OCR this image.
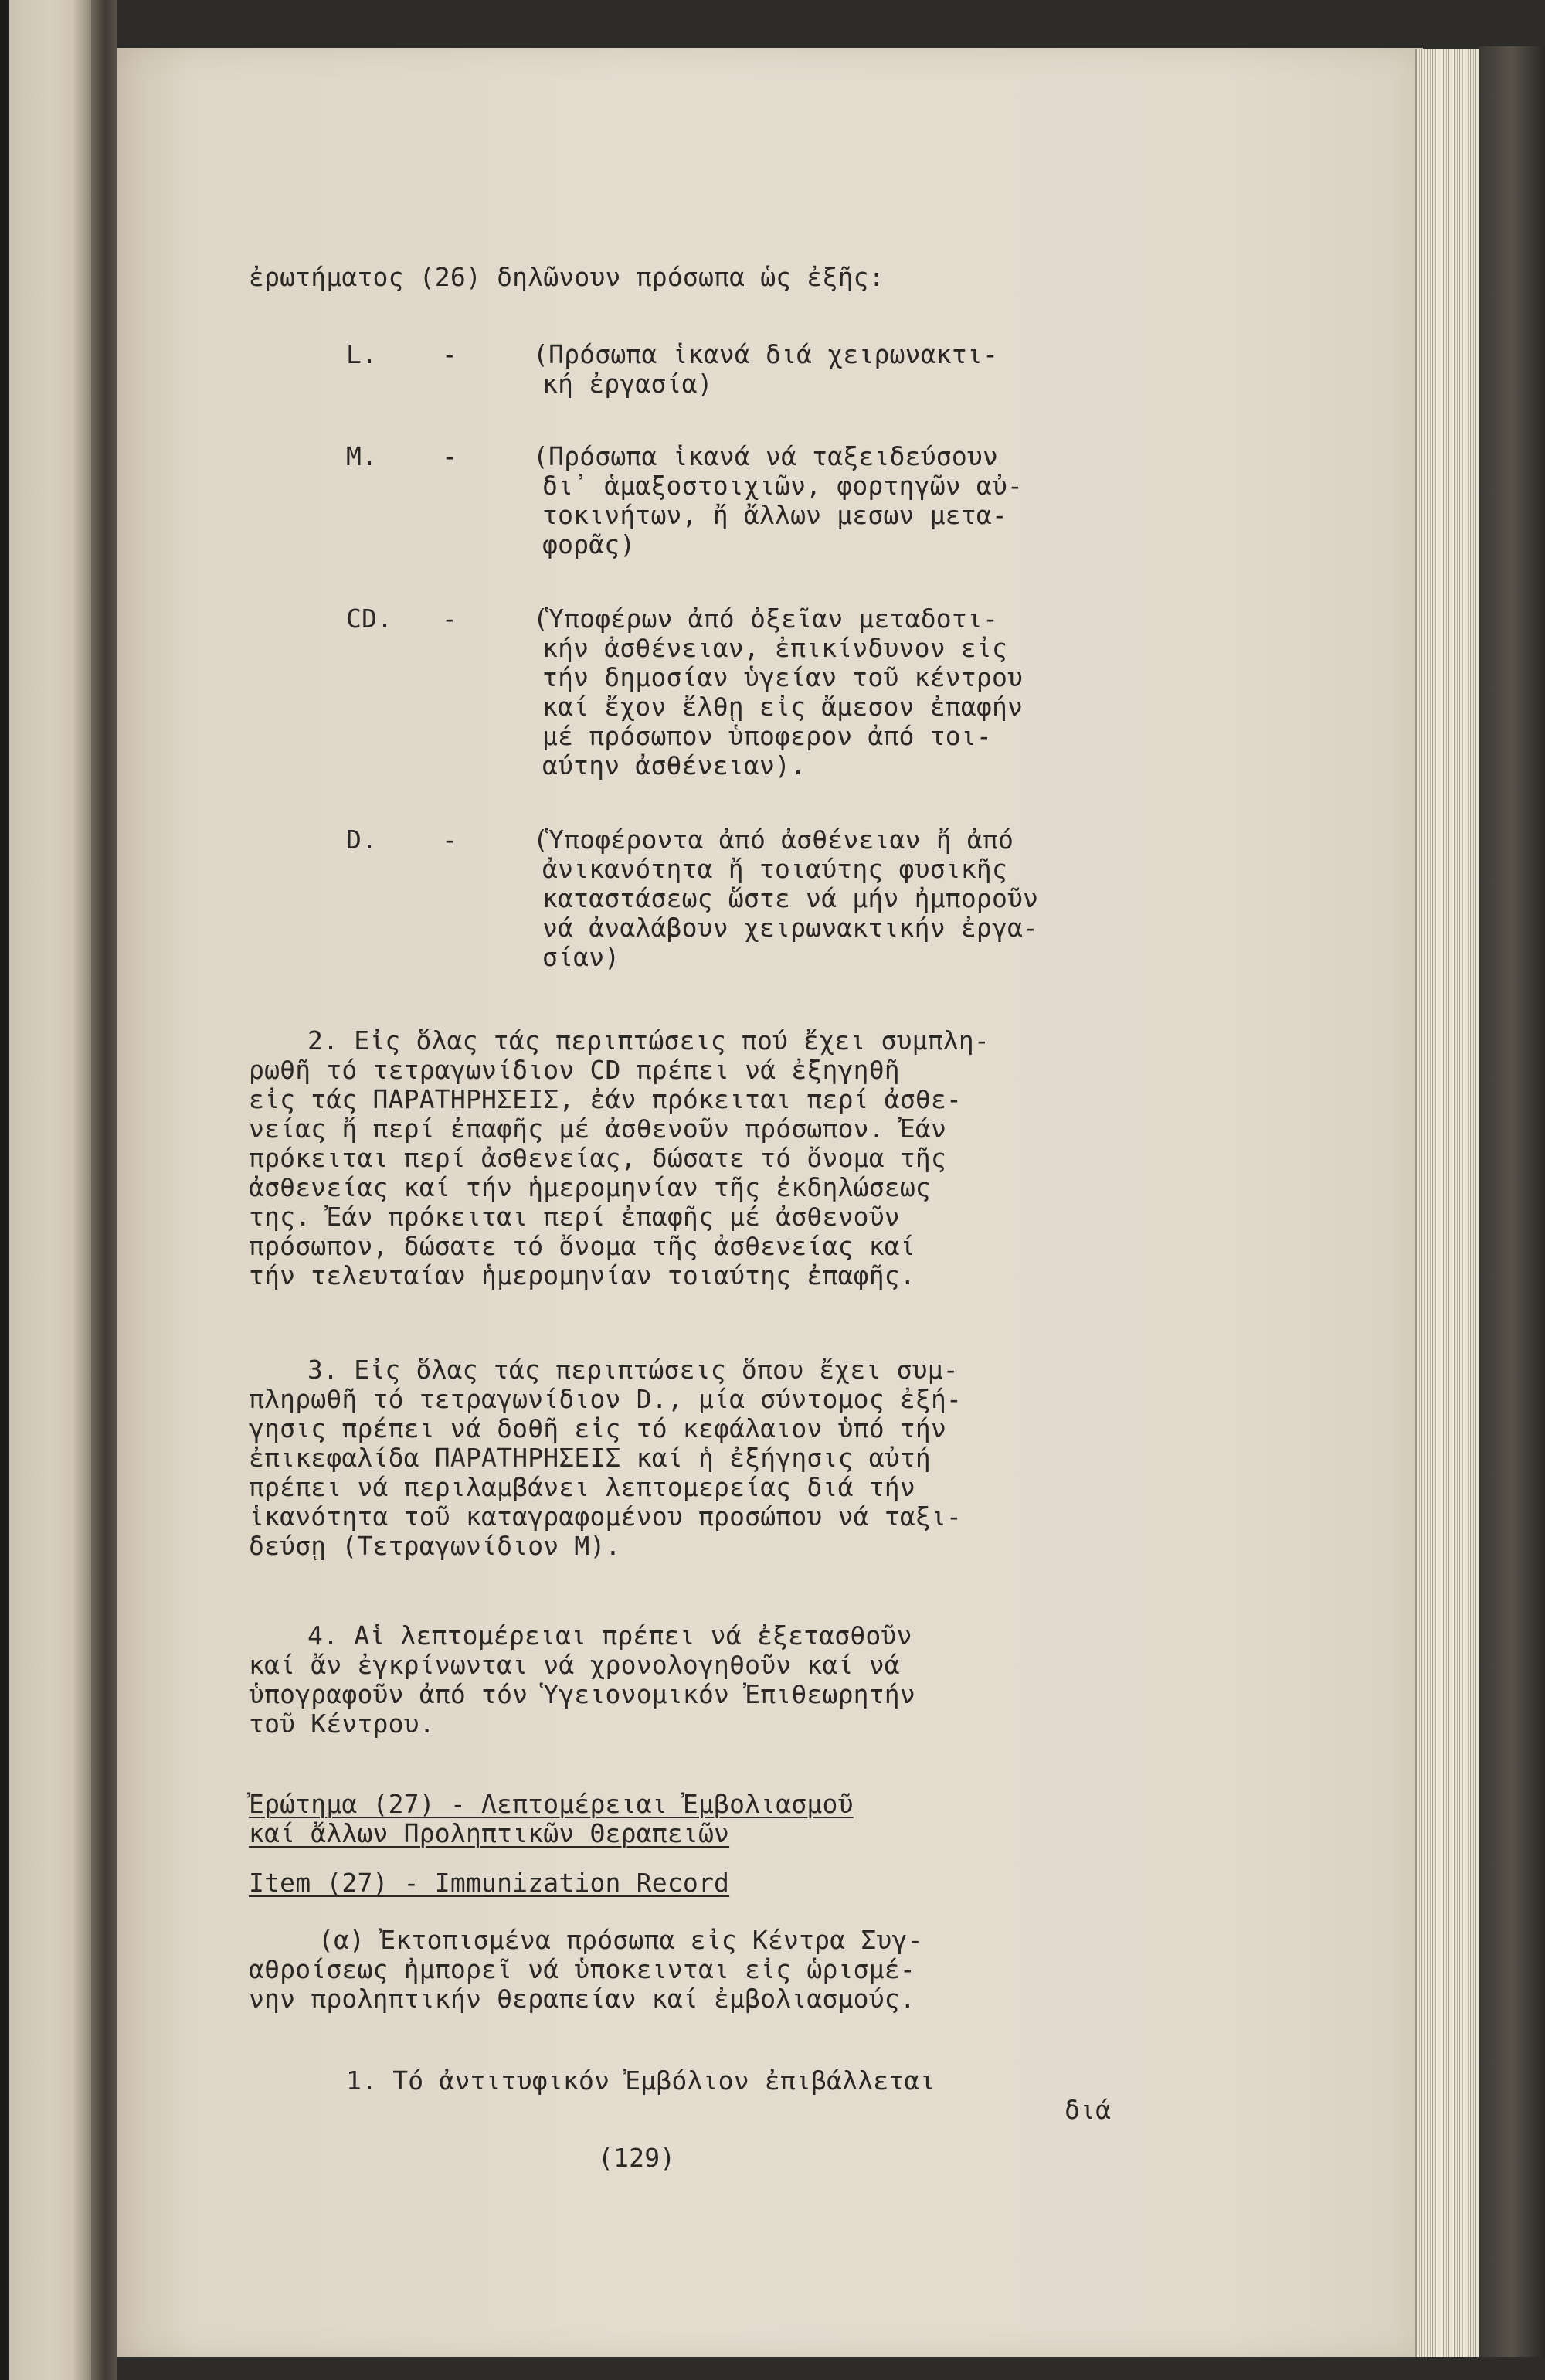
ἐρωτήματος (26) δηλῶνουν πρόσωπα ὡς ἐξῆς:
L.	-	(Πρόσωπα ἱκανά διά χειρωνακτι-
κή ἐργασία)
M.	-	(Πρόσωπα ἱκανά νά ταξειδεύσουν
δι᾽ ἁμαξοστοιχιῶν, φορτηγῶν αὐ-
τοκινήτων, ἤ ἄλλων μεσων μετα-
φορᾶς)
CD. -	(Ὑποφέρων ἀπό ὀξεῖαν μεταδοτι-
κήν ἀσθένειαν, ἐπικίνδυνον εἰς
τήν δημοσίαν ὑγείαν τοῦ κέντρου
καί ἔχον ἔλθῃ εἰς ἄμεσον ἐπαφήν
μέ πρόσωπον ὑποφερον ἀπό τοι-
αύτην ἀσθένειαν).
D.	-	(Ὑποφέροντα ἀπό ἀσθένειαν ἤ ἀπό
ἀνικανότητα ἤ τοιαύτης φυσικῆς
καταστάσεως ὥστε νά μήν ἠμποροῦν
νά ἀναλάβουν χειρωνακτικήν ἐργα-
σίαν)
2. Εἰς ὅλας τάς περιπτώσεις πού ἔχει συμπλη-
ρωθῆ τό τετραγωνίδιον CD πρέπει νά ἐξηγηθῆ
εἰς τάς ΠΑΡΑΤΗΡΗΣΕΙΣ, ἐάν πρόκειται περί ἀσθε-
νείας ἤ περί ἐπαφῆς μέ ἀσθενοῦν πρόσωπον. Ἐάν
πρόκειται περί ἀσθενείας, δώσατε τό ὄνομα τῆς
ἀσθενείας καί τήν ἡμερομηνίαν τῆς ἐκδηλώσεως
της. Ἐάν πρόκειται περί ἐπαφῆς μέ ἀσθενοῦν
πρόσωπον, δώσατε τό ὄνομα τῆς ἀσθενείας καί
τήν τελευταίαν ἡμερομηνίαν τοιαύτης ἐπαφῆς.
3. Εἰς ὅλας τάς περιπτώσεις ὅπου ἔχει συμ-
πληρωθῆ τό τετραγωνίδιον D., μία σύντομος ἐξή-
γησις πρέπει νά δοθῆ εἰς τό κεφάλαιον ὑπό τήν
ἐπικεφαλίδα ΠΑΡΑΤΗΡΗΣΕΙΣ καί ἡ ἐξήγησις αὐτή
πρέπει νά περιλαμβάνει λεπτομερείας διά τήν
ἱκανότητα τοῦ καταγραφομένου προσώπου νά ταξι-
δεύσῃ (Τετραγωνίδιον M).
4. Αἱ λεπτομέρειαι πρέπει νά ἐξετασθοῦν
καί ἄν ἐγκρίνωνται νά χρονολογηθοῦν καί νά
ὑπογραφοῦν ἀπό τόν Ὑγειονομικόν Ἐπιθεωρητήν
τοῦ Κέντρου.
Ἐρώτημα (27) - Λεπτομέρειαι Ἐμβολιασμοῦ
καί ἄλλων Προληπτικῶν Θεραπειῶν
Item (27) - Immunization Record
(α) Ἐκτοπισμένα πρόσωπα εἰς Κέντρα Συγ-
αθροίσεως ἠμπορεῖ νά ὑποκεινται εἰς ὡρισμέ-
νην προληπτικήν θεραπείαν καί ἐμβολιασμούς.
1. Τό ἀντιτυφικόν Ἐμβόλιον ἐπιβάλλεται
διά
(129)
